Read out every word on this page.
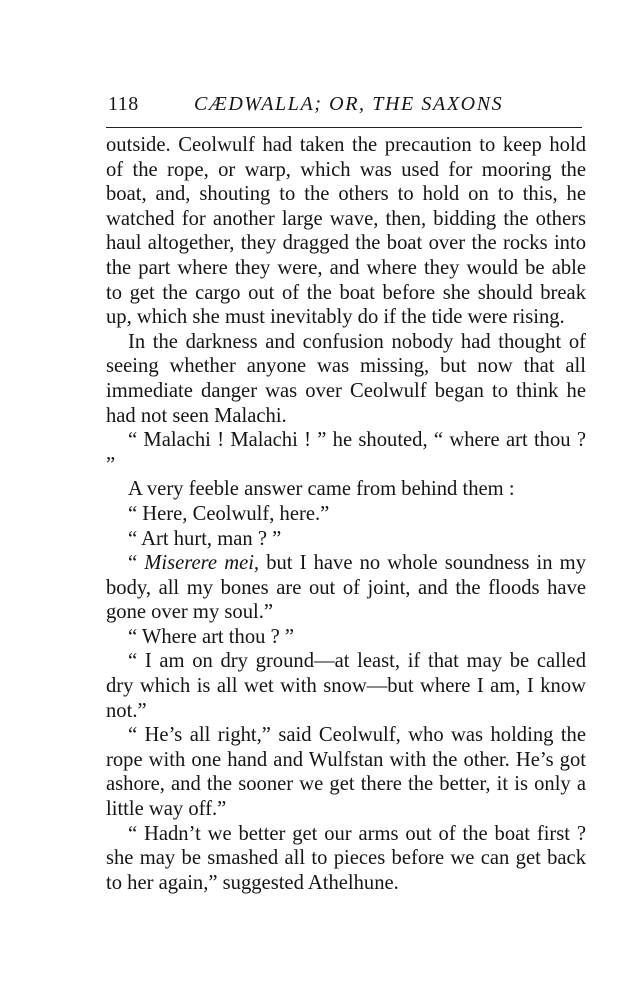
118	CÆDWALLA; OR, THE SAXONS

outside. Ceolwulf had taken the precaution to keep hold of the rope, or warp, which was used for mooring the boat, and, shouting to the others to hold on to this, he watched for another large wave, then, bidding the others haul altogether, they dragged the boat over the rocks into the part where they were, and where they would be able to get the cargo out of the boat before she should break up, which she must inevitably do if the tide were rising.

In the darkness and confusion nobody had thought of seeing whether anyone was missing, but now that all immediate danger was over Ceolwulf began to think he had not seen Malachi.

“ Malachi ! Malachi ! ” he shouted, “ where art thou ? ”

A very feeble answer came from behind them :

“ Here, Ceolwulf, here.”

“ Art hurt, man ? ”

“ Miserere mei, but I have no whole soundness in my body, all my bones are out of joint, and the floods have gone over my soul.”

“ Where art thou ? ”

“ I am on dry ground—at least, if that may be called dry which is all wet with snow—but where I am, I know not.”

“ He’s all right,” said Ceolwulf, who was holding the rope with one hand and Wulfstan with the other. He’s got ashore, and the sooner we get there the better, it is only a little way off.”

“ Hadn’t we better get our arms out of the boat first ? she may be smashed all to pieces before we can get back to her again,” suggested Athelhune.
